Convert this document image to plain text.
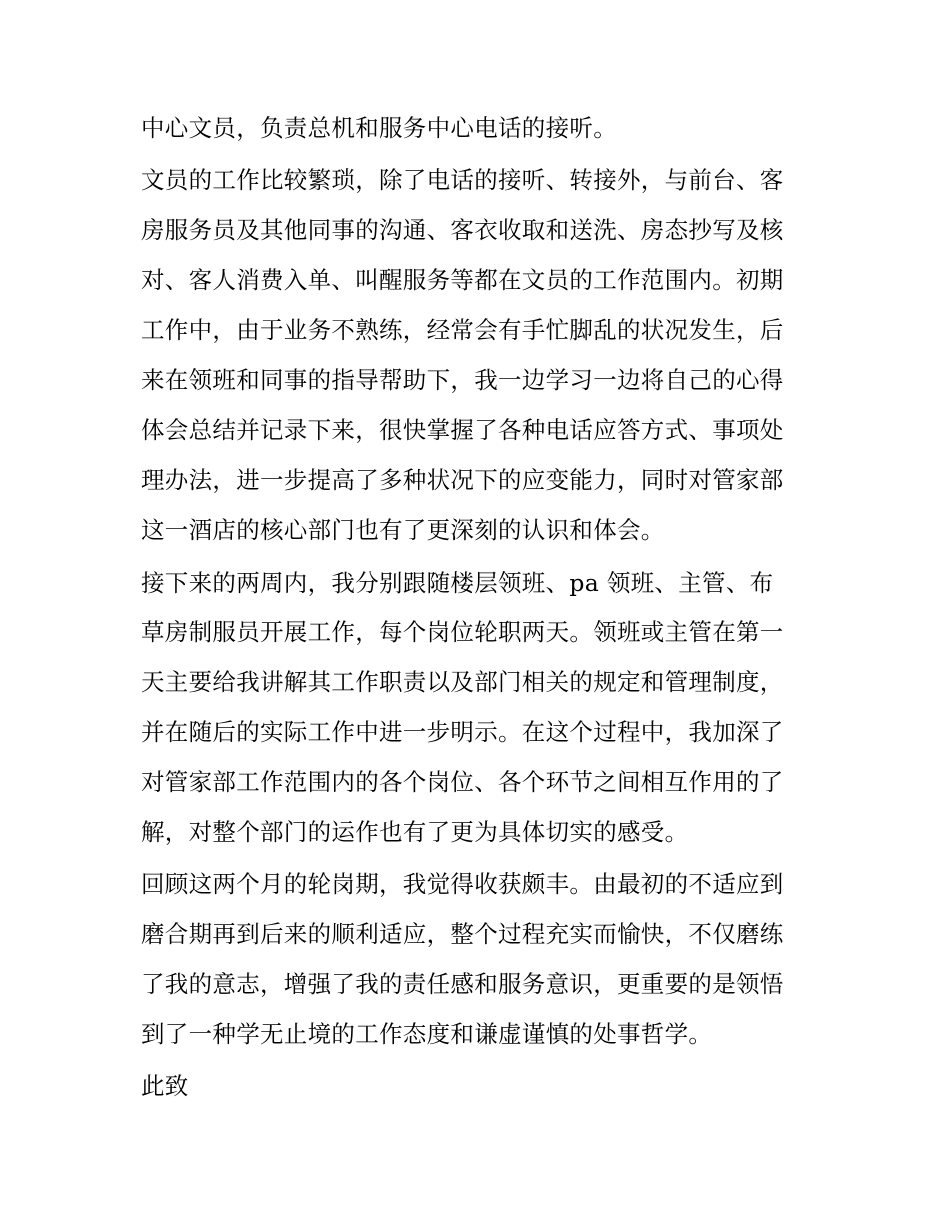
中心文员，负责总机和服务中心电话的接听。
文员的工作比较繁琐，除了电话的接听、转接外，与前台、客
房服务员及其他同事的沟通、客衣收取和送洗、房态抄写及核
对、客人消费入单、叫醒服务等都在文员的工作范围内。初期
工作中，由于业务不熟练，经常会有手忙脚乱的状况发生，后
来在领班和同事的指导帮助下，我一边学习一边将自己的心得
体会总结并记录下来，很快掌握了各种电话应答方式、事项处
理办法，进一步提高了多种状况下的应变能力，同时对管家部
这一酒店的核心部门也有了更深刻的认识和体会。
接下来的两周内，我分别跟随楼层领班、pa 领班、主管、布
草房制服员开展工作，每个岗位轮职两天。领班或主管在第一
天主要给我讲解其工作职责以及部门相关的规定和管理制度，
并在随后的实际工作中进一步明示。在这个过程中，我加深了
对管家部工作范围内的各个岗位、各个环节之间相互作用的了
解，对整个部门的运作也有了更为具体切实的感受。
回顾这两个月的轮岗期，我觉得收获颇丰。由最初的不适应到
磨合期再到后来的顺利适应，整个过程充实而愉快，不仅磨练
了我的意志，增强了我的责任感和服务意识，更重要的是领悟
到了一种学无止境的工作态度和谦虚谨慎的处事哲学。
此致
